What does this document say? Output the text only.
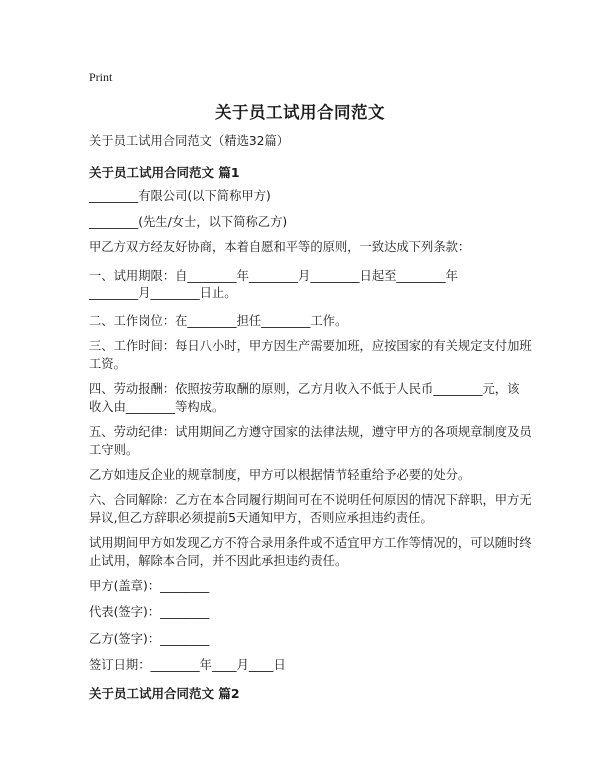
Print
关于员工试用合同范文
关于员工试用合同范文（精选32篇）
关于员工试用合同范文 篇1
________有限公司(以下简称甲方)
________(先生/女士，以下简称乙方)
甲乙方双方经友好协商，本着自愿和平等的原则，一致达成下列条款：
一、试用期限：自________年________月________日起至________年
________月________日止。
二、工作岗位：在________担任________工作。
三、工作时间：每日八小时，甲方因生产需要加班，应按国家的有关规定支付加班
工资。
四、劳动报酬：依照按劳取酬的原则，乙方月收入不低于人民币________元，该
收入由________等构成。
五、劳动纪律：试用期间乙方遵守国家的法律法规，遵守甲方的各项规章制度及员
工守则。
乙方如违反企业的规章制度，甲方可以根据情节轻重给予必要的处分。
六、合同解除：乙方在本合同履行期间可在不说明任何原因的情况下辞职，甲方无
异议,但乙方辞职必须提前5天通知甲方，否则应承担违约责任。
试用期间甲方如发现乙方不符合录用条件或不适宜甲方工作等情况的，可以随时终
止试用，解除本合同，并不因此承担违约责任。
甲方(盖章)：________
代表(签字)：________
乙方(签字)：________
签订日期：________年____月____日
关于员工试用合同范文 篇2
